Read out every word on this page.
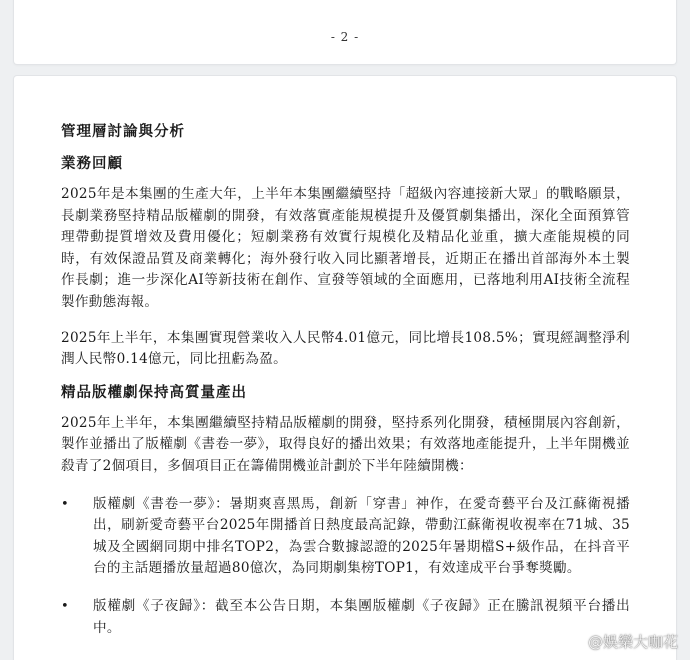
- 2 -
管理層討論與分析
業務回顧

2025年是本集團的生產大年，上半年本集團繼續堅持「超級內容連接新大眾」的戰略願景，長劇業務堅持精品版權劇的開發，有效落實產能規模提升及優質劇集播出，深化全面預算管理帶動提質增效及費用優化；短劇業務有效實行規模化及精品化並重，擴大產能規模的同時，有效保證品質及商業轉化；海外發行收入同比顯著增長，近期正在播出首部海外本土製作長劇；進一步深化AI等新技術在創作、宣發等領域的全面應用，已落地利用AI技術全流程製作動態海報。

2025年上半年，本集團實現營業收入人民幣4.01億元，同比增長108.5%；實現經調整淨利潤人民幣0.14億元，同比扭虧為盈。

精品版權劇保持高質量產出

2025年上半年，本集團繼續堅持精品版權劇的開發，堅持系列化開發，積極開展內容創新，製作並播出了版權劇《書卷一夢》，取得良好的播出效果；有效落地產能提升，上半年開機並殺青了2個項目，多個項目正在籌備開機並計劃於下半年陸續開機：

• 版權劇《書卷一夢》：暑期爽喜黑馬，創新「穿書」神作，在愛奇藝平台及江蘇衛視播出，刷新愛奇藝平台2025年開播首日熱度最高記錄，帶動江蘇衛視收視率在71城、35城及全國網同期中排名TOP2，為雲合數據認證的2025年暑期檔S+級作品，在抖音平台的主話題播放量超過80億次，為同期劇集榜TOP1，有效達成平台爭奪獎勵。
• 版權劇《子夜歸》：截至本公告日期，本集團版權劇《子夜歸》正在騰訊視頻平台播出中。
@娛樂大咖花
